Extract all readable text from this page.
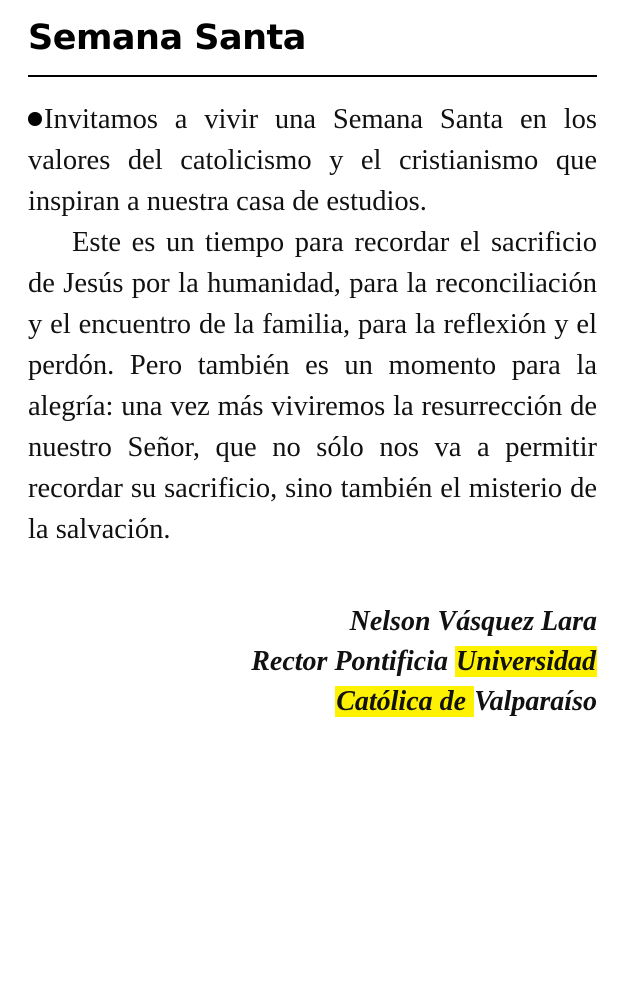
Semana Santa

Invitamos a vivir una Semana Santa en los valores del catolicismo y el cristianismo que inspiran a nuestra casa de estudios.

Este es un tiempo para recordar el sacrificio de Jesús por la humanidad, para la reconciliación y el encuentro de la familia, para la reflexión y el perdón. Pero también es un momento para la alegría: una vez más viviremos la resurrección de nuestro Señor, que no sólo nos va a permitir recordar su sacrificio, sino también el misterio de la salvación.

Nelson Vásquez Lara
Rector Pontificia Universidad
Católica de Valparaíso
